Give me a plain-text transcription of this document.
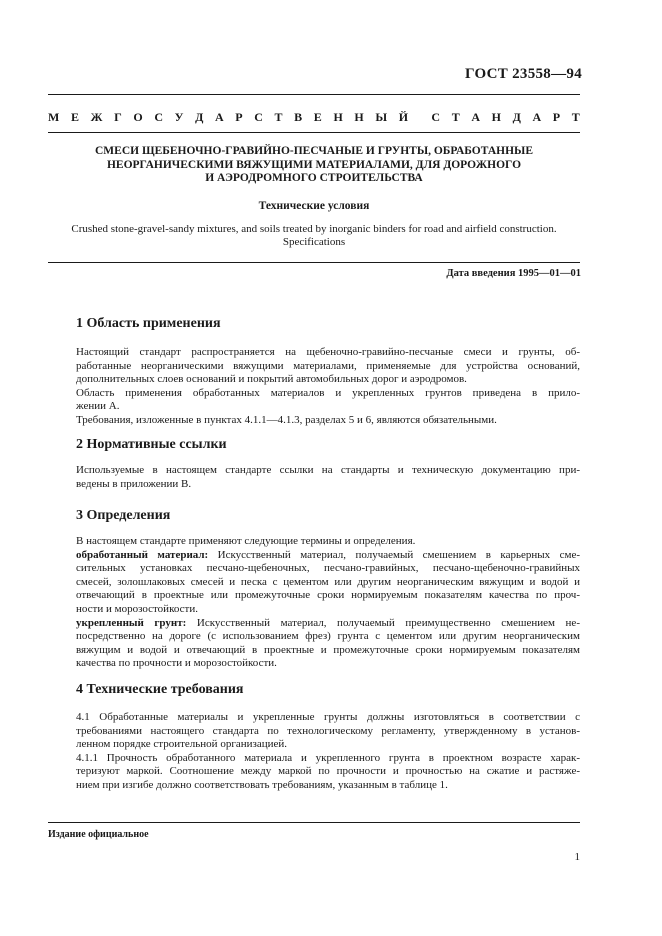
ГОСТ 23558—94
М Е Ж Г О С У Д А Р С Т В Е Н Н Ы Й С Т А Н Д А Р Т
СМЕСИ ЩЕБЕНОЧНО-ГРАВИЙНО-ПЕСЧАНЫЕ И ГРУНТЫ, ОБРАБОТАННЫЕ
НЕОРГАНИЧЕСКИМИ ВЯЖУЩИМИ МАТЕРИАЛАМИ, ДЛЯ ДОРОЖНОГО
И АЭРОДРОМНОГО СТРОИТЕЛЬСТВА
Технические условия
Crushed stone-gravel-sandy mixtures, and soils treated by inorganic binders for road and airfield construction.
Specifications
Дата введения 1995—01—01
1 Область применения
Настоящий стандарт распространяется на щебеночно-гравийно-песчаные смеси и грунты, об-
работанные неорганическими вяжущими материалами, применяемые для устройства оснований,
дополнительных слоев оснований и покрытий автомобильных дорог и аэродромов.
Область применения обработанных материалов и укрепленных грунтов приведена в прило-
жении А.
Требования, изложенные в пунктах 4.1.1—4.1.3, разделах 5 и 6, являются обязательными.
2 Нормативные ссылки
Используемые в настоящем стандарте ссылки на стандарты и техническую документацию при-
ведены в приложении В.
3 Определения
В настоящем стандарте применяют следующие термины и определения.
обработанный материал: Искусственный материал, получаемый смешением в карьерных сме-
сительных установках песчано-щебеночных, песчано-гравийных, песчано-щебеночно-гравийных
смесей, золошлаковых смесей и песка с цементом или другим неорганическим вяжущим и водой и
отвечающий в проектные или промежуточные сроки нормируемым показателям качества по проч-
ности и морозостойкости.
укрепленный грунт: Искусственный материал, получаемый преимущественно смешением не-
посредственно на дороге (с использованием фрез) грунта с цементом или другим неорганическим
вяжущим и водой и отвечающий в проектные и промежуточные сроки нормируемым показателям
качества по прочности и морозостойкости.
4 Технические требования
4.1 Обработанные материалы и укрепленные грунты должны изготовляться в соответствии с
требованиями настоящего стандарта по технологическому регламенту, утвержденному в установ-
ленном порядке строительной организацией.
4.1.1 Прочность обработанного материала и укрепленного грунта в проектном возрасте харак-
теризуют маркой. Соотношение между маркой по прочности и прочностью на сжатие и растяже-
нием при изгибе должно соответствовать требованиям, указанным в таблице 1.
Издание официальное
1
